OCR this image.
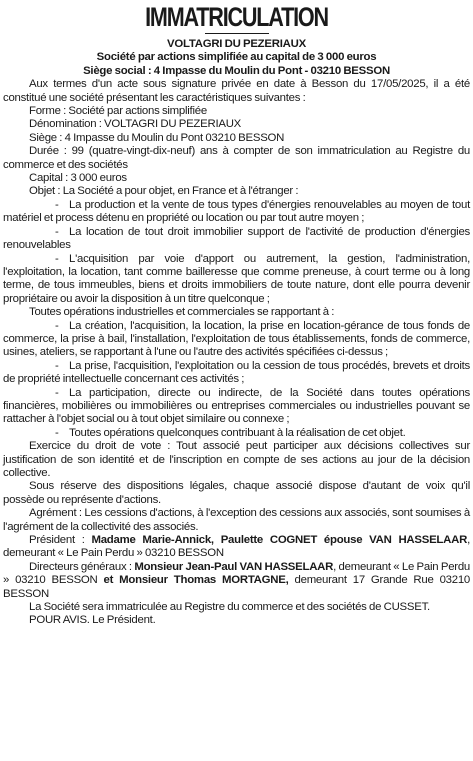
IMMATRICULATION

VOLTAGRI DU PEZERIAUX

Société par actions simplifiée au capital de 3 000 euros

Siège social : 4 Impasse du Moulin du Pont - 03210 BESSON

Aux termes d'un acte sous signature privée en date à Besson du 17/05/2025, il a été constitué une société présentant les caractéristiques suivantes :

Forme : Société par actions simplifiée

Dénomination : VOLTAGRI DU PEZERIAUX

Siège : 4 Impasse du Moulin du Pont 03210 BESSON

Durée : 99 (quatre-vingt-dix-neuf) ans à compter de son immatriculation au Registre du commerce et des sociétés

Capital : 3 000 euros

Objet : La Société a pour objet, en France et à l'étranger :

- La production et la vente de tous types d'énergies renouvelables au moyen de tout matériel et process détenu en propriété ou location ou par tout autre moyen ;

- La location de tout droit immobilier support de l'activité de production d'énergies renouvelables

- L'acquisition par voie d'apport ou autrement, la gestion, l'administration, l'exploitation, la location, tant comme bailleresse que comme preneuse, à court terme ou à long terme, de tous immeubles, biens et droits immobiliers de toute nature, dont elle pourra devenir propriétaire ou avoir la disposition à un titre quelconque ;

Toutes opérations industrielles et commerciales se rapportant à :

- La création, l'acquisition, la location, la prise en location-gérance de tous fonds de commerce, la prise à bail, l'installation, l'exploitation de tous établissements, fonds de commerce, usines, ateliers, se rapportant à l'une ou l'autre des activités spécifiées ci-dessus ;

- La prise, l'acquisition, l'exploitation ou la cession de tous procédés, brevets et droits de propriété intellectuelle concernant ces activités ;

- La participation, directe ou indirecte, de la Société dans toutes opérations financières, mobilières ou immobilières ou entreprises commerciales ou industrielles pouvant se rattacher à l'objet social ou à tout objet similaire ou connexe ;

- Toutes opérations quelconques contribuant à la réalisation de cet objet.

Exercice du droit de vote : Tout associé peut participer aux décisions collectives sur justification de son identité et de l'inscription en compte de ses actions au jour de la décision collective.

Sous réserve des dispositions légales, chaque associé dispose d'autant de voix qu'il possède ou représente d'actions.

Agrément : Les cessions d'actions, à l'exception des cessions aux associés, sont soumises à l'agrément de la collectivité des associés.

Président : Madame Marie-Annick, Paulette COGNET épouse VAN HASSELAAR, demeurant « Le Pain Perdu » 03210 BESSON

Directeurs généraux : Monsieur Jean-Paul VAN HASSELAAR, demeurant « Le Pain Perdu » 03210 BESSON et Monsieur Thomas MORTAGNE, demeurant 17 Grande Rue 03210 BESSON

La Société sera immatriculée au Registre du commerce et des sociétés de CUSSET.

POUR AVIS. Le Président.
